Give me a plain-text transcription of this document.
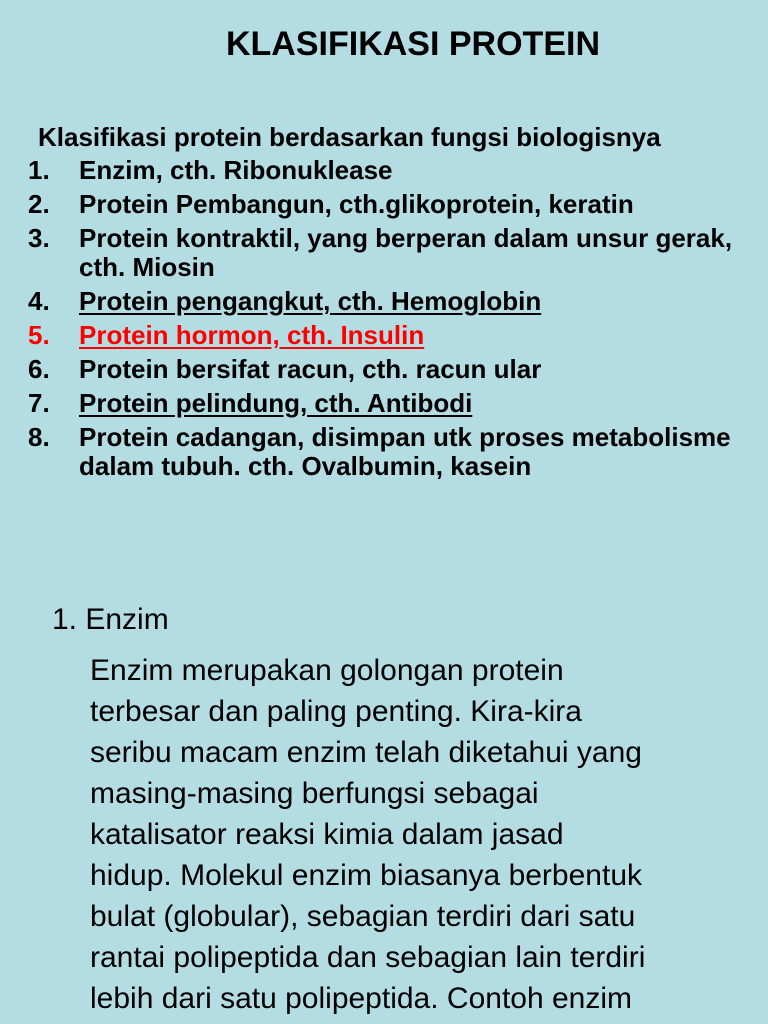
KLASIFIKASI PROTEIN
Klasifikasi protein berdasarkan fungsi biologisnya
1. Enzim, cth. Ribonuklease
2. Protein Pembangun, cth.glikoprotein, keratin
3. Protein kontraktil, yang berperan dalam unsur gerak, cth. Miosin
4. Protein pengangkut, cth. Hemoglobin
5. Protein hormon, cth. Insulin
6. Protein bersifat racun, cth. racun ular
7. Protein pelindung, cth. Antibodi
8. Protein cadangan, disimpan utk proses metabolisme dalam tubuh. cth. Ovalbumin, kasein
1. Enzim
Enzim merupakan golongan protein
terbesar dan paling penting. Kira-kira
seribu macam enzim telah diketahui yang
masing-masing berfungsi sebagai
katalisator reaksi kimia dalam jasad
hidup. Molekul enzim biasanya berbentuk
bulat (globular), sebagian terdiri dari satu
rantai polipeptida dan sebagian lain terdiri
lebih dari satu polipeptida. Contoh enzim
